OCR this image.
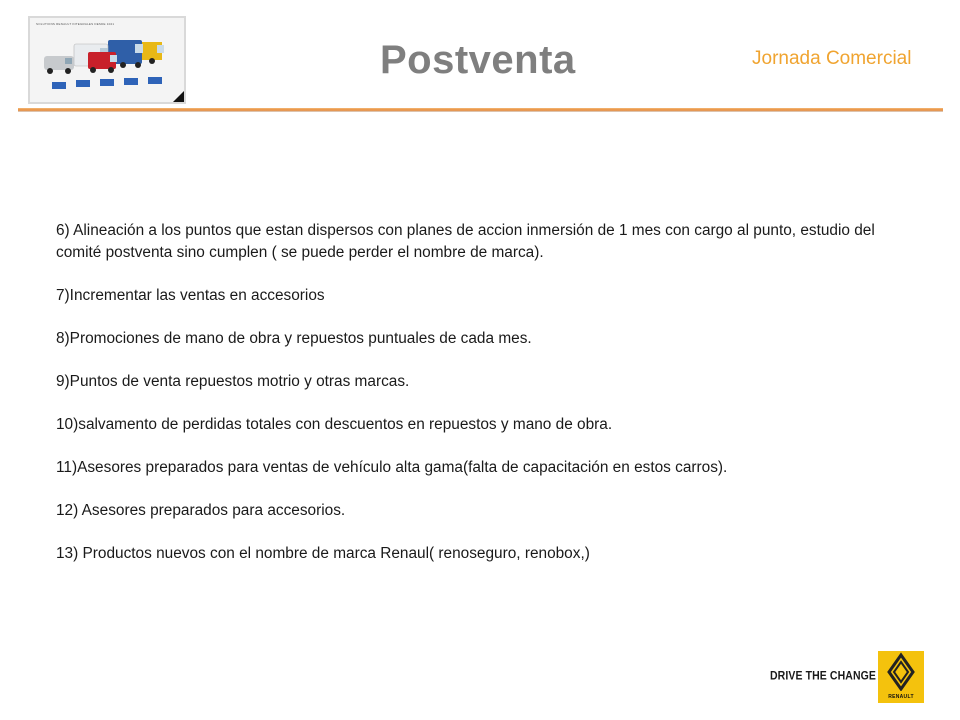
SOLUTIONS RENAULT INTEGRALES DESDE 1021
Postventa	Jornada Comercial

6) Alineación a los puntos que estan dispersos con planes de accion inmersión de 1 mes con cargo al punto, estudio del comité postventa sino cumplen ( se puede perder el nombre de marca).

7)Incrementar las ventas en accesorios

8)Promociones de mano de obra y repuestos puntuales de cada mes.

9)Puntos de venta repuestos motrio y otras marcas.

10)salvamento de perdidas totales con descuentos en repuestos y mano de obra.

11)Asesores preparados para ventas de vehículo alta gama(falta de capacitación en estos carros).

12) Asesores preparados para accesorios.

13) Productos nuevos con el nombre de marca Renaul( renoseguro, renobox,)

DRIVE THE CHANGE
RENAULT
